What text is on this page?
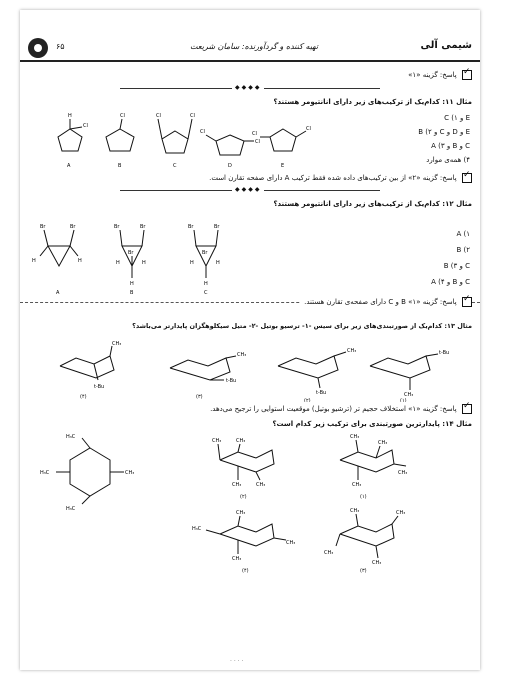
۶۵	تهیه کننده و گردآورنده: سامان شریعت	شیمی آلی
✓ پاسخ: گزینه «۱»
◆◆◆◆
مثال ۱۱: کدام‌یک از ترکیب‌های زیر دارای انانتیومر هستند؟
H
Cl
A
Cl
B
Cl	Cl
C
Cl
Cl
D
Cl
Cl
E
E و C (۱
E و D و C و B (۲
C و B و A (۳
۴) همه‌ی موارد
✓ پاسخ: گزینه «۲» از بین ترکیب‌های داده شده فقط ترکیب A دارای صفحه تقارن است.
◆◆◆◆
مثال ۱۲: کدام‌یک از ترکیب‌های زیر دارای انانتیومر هستند؟
Br	Br
H	H
A
Br	Br
Br
H	H
H
B
Br	Br
Br
H	H
H
C
A (۱
B (۲
C و B (۳
C و B و A (۴
✓ پاسخ: گزینه «۱» B و C دارای صفحه‌ی تقارن هستند.
مثال ۱۳: کدام‌یک از صورتبندی‌های زیر برای سیس -۱- ترسیو بوتیل -۲- متیل سیکلوهگزان پایدارتر می‌باشد؟
CH₃
t-Bu
(۴)
CH₃
t-Bu
(۳)
CH₃
t-Bu
(۲)
t-Bu
CH₃
(۱)
✓ پاسخ: گزینه «۱» استخلاف حجیم تر (ترشیو بوتیل) موقعیت استوایی را ترجیح می‌دهد.
مثال ۱۴: پایدارترین صورتبندی برای ترکیب زیر کدام است؟
H₃C
H₃C	CH₃
H₃C
CH₃	CH₃
CH₃	CH₃
(۲)
CH₃
CH₃
CH₃
CH₃
(۱)
H₃C
CH₃
CH₃
CH₃
(۴)
CH₃	CH₃
CH₃
CH₃
(۳)
· · · ·
